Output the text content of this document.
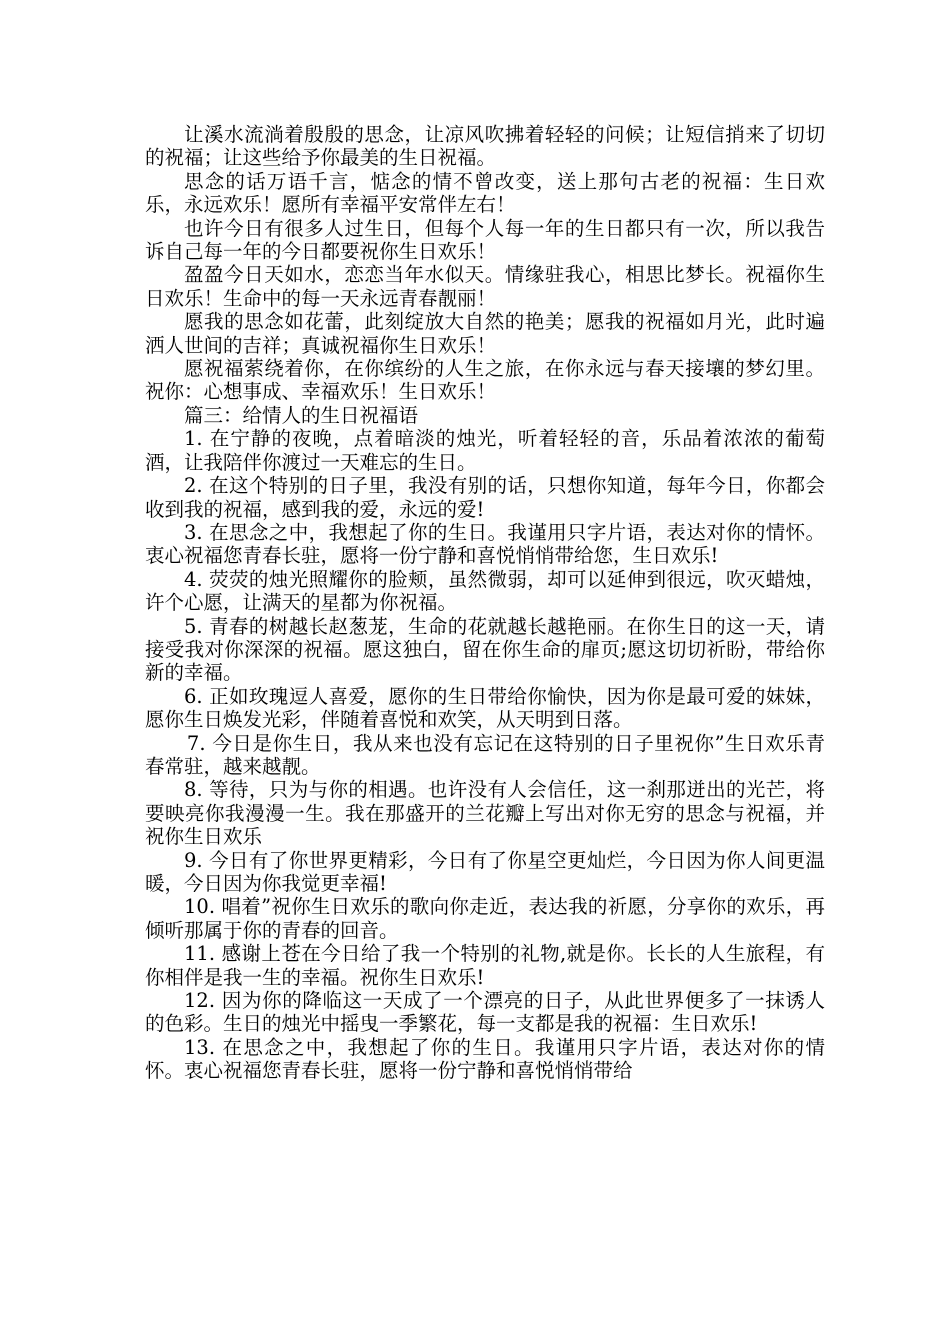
让溪水流淌着殷殷的思念，让凉风吹拂着轻轻的问候；让短信捎来了切切的祝福；让这些给予你最美的生日祝福。

思念的话万语千言，惦念的情不曾改变，送上那句古老的祝福：生日欢乐，永远欢乐！愿所有幸福平安常伴左右！

也许今日有很多人过生日，但每个人每一年的生日都只有一次，所以我告诉自己每一年的今日都要祝你生日欢乐！

盈盈今日天如水，恋恋当年水似天。情缘驻我心，相思比梦长。祝福你生日欢乐！生命中的每一天永远青春靓丽！

愿我的思念如花蕾，此刻绽放大自然的艳美；愿我的祝福如月光，此时遍洒人世间的吉祥；真诚祝福你生日欢乐！

愿祝福萦绕着你，在你缤纷的人生之旅，在你永远与春天接壤的梦幻里。祝你：心想事成、幸福欢乐！生日欢乐！

篇三：给情人的生日祝福语

1. 在宁静的夜晚，点着暗淡的烛光，听着轻轻的音，乐品着浓浓的葡萄酒，让我陪伴你渡过一天难忘的生日。

2. 在这个特别的日子里，我没有别的话，只想你知道，每年今日，你都会收到我的祝福，感到我的爱，永远的爱!

3. 在思念之中，我想起了你的生日。我谨用只字片语，表达对你的情怀。衷心祝福您青春长驻，愿将一份宁静和喜悦悄悄带给您，生日欢乐!

4. 荧荧的烛光照耀你的脸颊，虽然微弱，却可以延伸到很远，吹灭蜡烛，许个心愿，让满天的星都为你祝福。

5. 青春的树越长赵葱茏，生命的花就越长越艳丽。在你生日的这一天，请接受我对你深深的祝福。愿这独白，留在你生命的扉页;愿这切切祈盼，带给你新的幸福。

6. 正如玫瑰逗人喜爱，愿你的生日带给你愉快，因为你是最可爱的妹妹，愿你生日焕发光彩，伴随着喜悦和欢笑，从天明到日落。

7. 今日是你生日，我从来也没有忘记在这特别的日子里祝你”生日欢乐青春常驻，越来越靓。

8. 等待，只为与你的相遇。也许没有人会信任，这一刹那迸出的光芒，将要映亮你我漫漫一生。我在那盛开的兰花瓣上写出对你无穷的思念与祝福，并祝你生日欢乐

9. 今日有了你世界更精彩，今日有了你星空更灿烂，今日因为你人间更温暖，今日因为你我觉更幸福!

10. 唱着”祝你生日欢乐的歌向你走近，表达我的祈愿，分享你的欢乐，再倾听那属于你的青春的回音。

11. 感谢上苍在今日给了我一个特别的礼物,就是你。长长的人生旅程，有你相伴是我一生的幸福。祝你生日欢乐!

12. 因为你的降临这一天成了一个漂亮的日子，从此世界便多了一抹诱人的色彩。生日的烛光中摇曳一季繁花，每一支都是我的祝福：生日欢乐!

13. 在思念之中，我想起了你的生日。我谨用只字片语，表达对你的情怀。衷心祝福您青春长驻，愿将一份宁静和喜悦悄悄带给
